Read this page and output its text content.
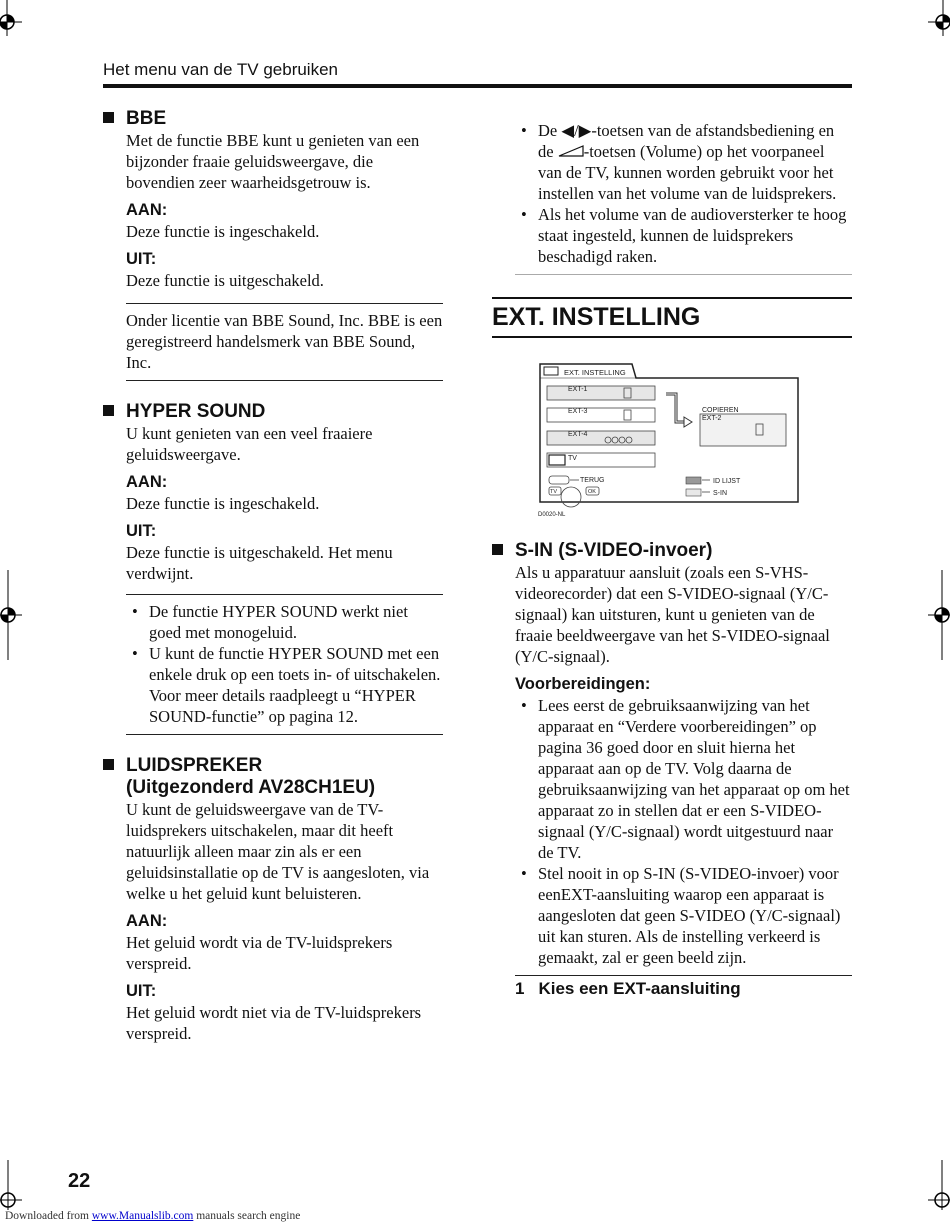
Het menu van de TV gebruiken
BBE

Met de functie BBE kunt u genieten van een bijzonder fraaie geluidsweergave, die bovendien zeer waarheidsgetrouw is.

AAN:

Deze functie is ingeschakeld.

UIT:

Deze functie is uitgeschakeld.

Onder licentie van BBE Sound, Inc. BBE is een geregistreerd handelsmerk van BBE Sound, Inc.

HYPER SOUND

U kunt genieten van een veel fraaiere geluidsweergave.

AAN:

Deze functie is ingeschakeld.

UIT:

Deze functie is uitgeschakeld. Het menu verdwijnt.

• De functie HYPER SOUND werkt niet goed met monogeluid.
• U kunt de functie HYPER SOUND met een enkele druk op een toets in- of uitschakelen. Voor meer details raadpleegt u “HYPER SOUND-functie” op pagina 12.
LUIDSPREKER
(Uitgezonderd AV28CH1EU)

U kunt de geluidsweergave van de TV-luidsprekers uitschakelen, maar dit heeft natuurlijk alleen maar zin als er een geluidsinstallatie op de TV is aangesloten, via welke u het geluid kunt beluisteren.

AAN:

Het geluid wordt via de TV-luidsprekers verspreid.

UIT:

Het geluid wordt niet via de TV-luidsprekers verspreid.

• De ◀/▶-toetsen van de afstandsbediening en de -toetsen (Volume) op het voorpaneel van de TV, kunnen worden gebruikt voor het instellen van het volume van de luidsprekers.
• Als het volume van de audioversterker te hoog staat ingesteld, kunnen de luidsprekers beschadigd raken.
EXT. INSTELLING
EXT. INSTELLING
EXT-1
EXT-3
EXT-4
TV
COPIEREN
EXT-2
TERUG
TV	OK
ID LIJST
S-IN
D0020-NL
S-IN (S-VIDEO-invoer)

Als u apparatuur aansluit (zoals een S-VHS-videorecorder) dat een S-VIDEO-signaal (Y/C-signaal) kan uitsturen, kunt u genieten van de fraaie beeldweergave van het S-VIDEO-signaal (Y/C-signaal).

Voorbereidingen:
• Lees eerst de gebruiksaanwijzing van het apparaat en “Verdere voorbereidingen” op pagina 36 goed door en sluit hierna het apparaat aan op de TV. Volg daarna de gebruiksaanwijzing van het apparaat op om het apparaat zo in stellen dat er een S-VIDEO-signaal (Y/C-signaal) wordt uitgestuurd naar de TV.
• Stel nooit in op S-IN (S-VIDEO-invoer) voor eenEXT-aansluiting waarop een apparaat is aangesloten dat geen S-VIDEO (Y/C-signaal) uit kan sturen. Als de instelling verkeerd is gemaakt, zal er geen beeld zijn.
1 Kies een EXT-aansluiting
22
Downloaded from www.Manualslib.com manuals search engine
